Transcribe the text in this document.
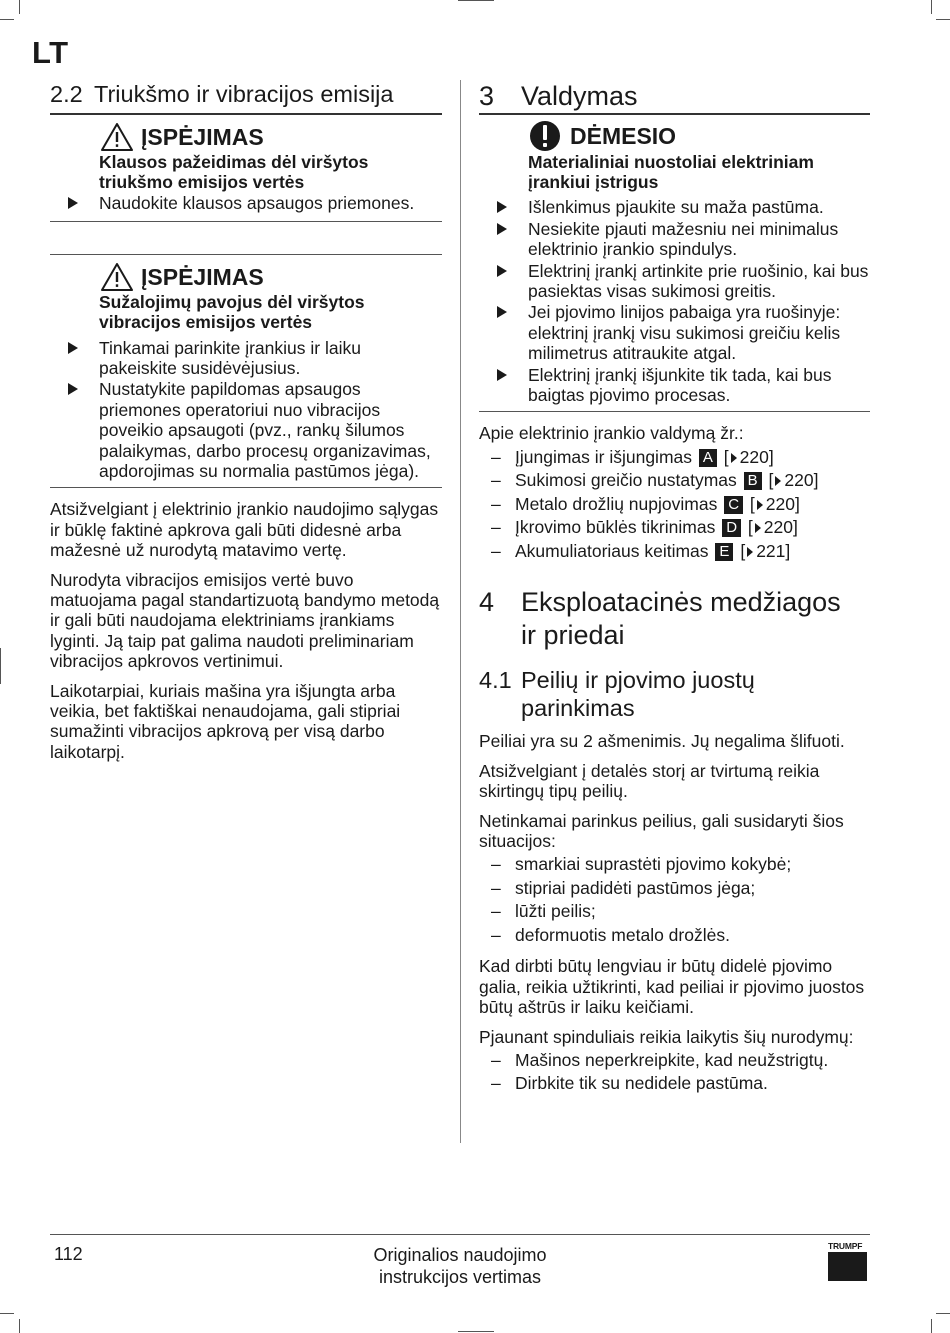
LT
2.2 Triukšmo ir vibracijos emisija
ĮSPĖJIMAS
Klausos pažeidimas dėl viršytos triukšmo emisijos vertės
Naudokite klausos apsaugos priemones.
ĮSPĖJIMAS
Sužalojimų pavojus dėl viršytos vibracijos emisijos vertės
Tinkamai parinkite įrankius ir laiku pakeiskite susidėvėjusius.
Nustatykite papildomas apsaugos priemones operatoriui nuo vibracijos poveikio apsaugoti (pvz., rankų šilumos palaikymas, darbo procesų organizavimas, apdorojimas su normalia pastūmos jėga).
Atsižvelgiant į elektrinio įrankio naudojimo sąlygas ir būklę faktinė apkrova gali būti didesnė arba mažesnė už nurodytą matavimo vertę.
Nurodyta vibracijos emisijos vertė buvo matuojama pagal standartizuotą bandymo metodą ir gali būti naudojama elektriniams įrankiams lyginti. Ją taip pat galima naudoti preliminariam vibracijos apkrovos vertinimui.
Laikotarpiai, kuriais mašina yra išjungta arba veikia, bet faktiškai nenaudojama, gali stipriai sumažinti vibracijos apkrovą per visą darbo laikotarpį.
3 Valdymas
DĖMESIO
Materialiniai nuostoliai elektriniam įrankiui įstrigus
Išlenkimus pjaukite su maža pastūma.
Nesiekite pjauti mažesniu nei minimalus elektrinio įrankio spindulys.
Elektrinį įrankį artinkite prie ruošinio, kai bus pasiektas visas sukimosi greitis.
Jei pjovimo linijos pabaiga yra ruošinyje: elektrinį įrankį visu sukimosi greičiu kelis milimetrus atitraukite atgal.
Elektrinį įrankį išjunkite tik tada, kai bus baigtas pjovimo procesas.
Apie elektrinio įrankio valdymą žr.:
– Įjungimas ir išjungimas A [ 220]
– Sukimosi greičio nustatymas B [ 220]
– Metalo drožlių nupjovimas C [ 220]
– Įkrovimo būklės tikrinimas D [ 220]
– Akumuliatoriaus keitimas E [ 221]
4 Eksploatacinės medžiagos
ir priedai
4.1 Peilių ir pjovimo juostų
parinkimas
Peiliai yra su 2 ašmenimis. Jų negalima šlifuoti.
Atsižvelgiant į detalės storį ar tvirtumą reikia skirtingų tipų peilių.
Netinkamai parinkus peilius, gali susidaryti šios situacijos:
– smarkiai suprastėti pjovimo kokybė;
– stipriai padidėti pastūmos jėga;
– lūžti peilis;
– deformuotis metalo drožlės.
Kad dirbti būtų lengviau ir būtų didelė pjovimo galia, reikia užtikrinti, kad peiliai ir pjovimo juostos būtų aštrūs ir laiku keičiami.
Pjaunant spinduliais reikia laikytis šių nurodymų:
– Mašinos neperkreipkite, kad neužstrigtų.
– Dirbkite tik su nedidele pastūma.
112	Originalios naudojimo
instrukcijos vertimas
TRUMPF
